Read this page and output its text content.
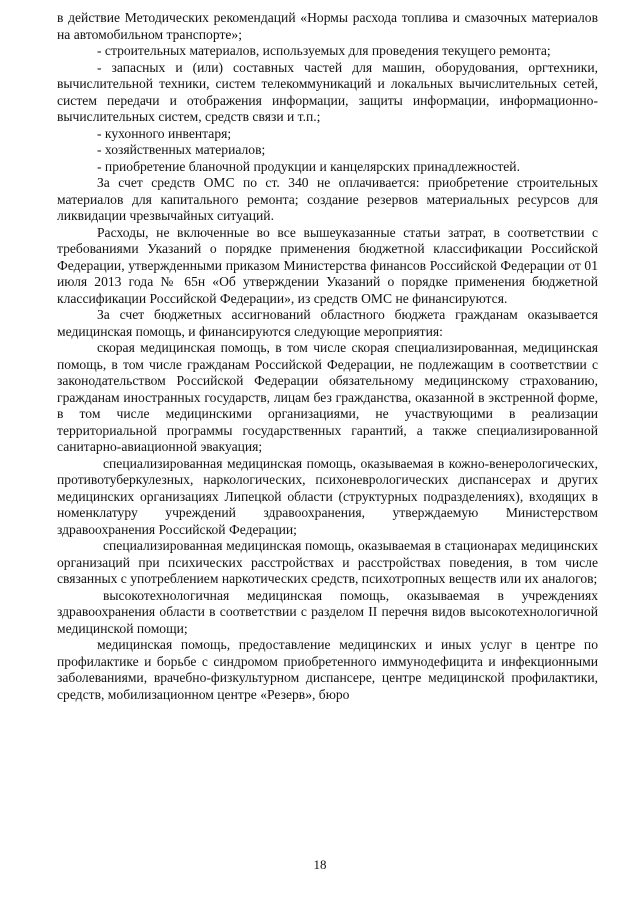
в действие Методических рекомендаций «Нормы расхода топлива и смазочных материалов на автомобильном транспорте»;

- строительных материалов, используемых для проведения текущего ремонта;

- запасных и (или) составных частей для машин, оборудования, оргтехники, вычислительной техники, систем телекоммуникаций и локальных вычислительных сетей, систем передачи и отображения информации, защиты информации, информационно-вычислительных систем, средств связи и т.п.;

- кухонного инвентаря;

- хозяйственных материалов;

- приобретение бланочной продукции и канцелярских принадлежностей.

За счет средств ОМС по ст. 340 не оплачивается: приобретение строительных материалов для капитального ремонта; создание резервов материальных ресурсов для ликвидации чрезвычайных ситуаций.

Расходы, не включенные во все вышеуказанные статьи затрат, в соответствии с требованиями Указаний о порядке применения бюджетной классификации Российской Федерации, утвержденными приказом Министерства финансов Российской Федерации от 01 июля 2013 года № 65н «Об утверждении Указаний о порядке применения бюджетной классификации Российской Федерации», из средств ОМС не финансируются.

За счет бюджетных ассигнований областного бюджета гражданам оказывается медицинская помощь, и финансируются следующие мероприятия:

скорая медицинская помощь, в том числе скорая специализированная, медицинская помощь, в том числе гражданам Российской Федерации, не подлежащим в соответствии с законодательством Российской Федерации обязательному медицинскому страхованию, гражданам иностранных государств, лицам без гражданства, оказанной в экстренной форме, в том числе медицинскими организациями, не участвующими в реализации территориальной программы государственных гарантий, а также специализированной санитарно-авиационной эвакуация;

специализированная медицинская помощь, оказываемая в кожно-венерологических, противотуберкулезных, наркологических, психоневрологических диспансерах и других медицинских организациях Липецкой области (структурных подразделениях), входящих в номенклатуру учреждений здравоохранения, утверждаемую Министерством здравоохранения Российской Федерации;

специализированная медицинская помощь, оказываемая в стационарах медицинских организаций при психических расстройствах и расстройствах поведения, в том числе связанных с употреблением наркотических средств, психотропных веществ или их аналогов;

высокотехнологичная медицинская помощь, оказываемая в учреждениях здравоохранения области в соответствии с разделом II перечня видов высокотехнологичной медицинской помощи;

медицинская помощь, предоставление медицинских и иных услуг в центре по профилактике и борьбе с синдромом приобретенного иммунодефицита и инфекционными заболеваниями, врачебно-физкультурном диспансере, центре медицинской профилактики, средств, мобилизационном центре «Резерв», бюро

18
